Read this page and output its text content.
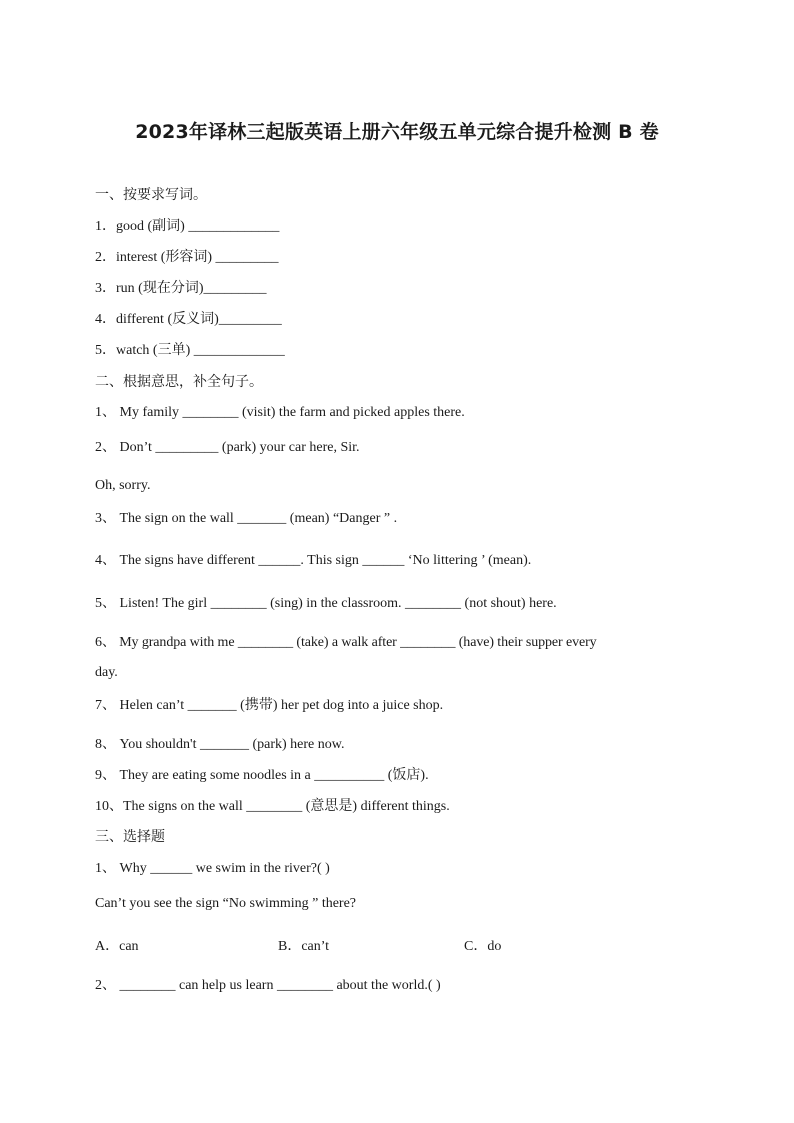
2023年译林三起版英语上册六年级五单元综合提升检测 B 卷
一、按要求写词。
1．good (副词) _____________
2．interest (形容词) _________
3．run (现在分词)_________
4．different (反义词)_________
5．watch (三单) _____________
二、根据意思，补全句子。
1、 My family ________ (visit) the farm and picked apples there.
2、 Don’t _________ (park) your car here, Sir.
Oh, sorry.
3、 The sign on the wall _______ (mean) “Danger ” .
4、 The signs have different ______. This sign ______ ‘No littering ’ (mean).
5、 Listen! The girl ________ (sing) in the classroom. ________ (not shout) here.
6、 My grandpa with me ________ (take) a walk after ________ (have) their supper every
day.
7、 Helen can’t _______ (携带) her pet dog into a juice shop.
8、 You shouldn't _______ (park) here now.
9、 They are eating some noodles in a __________ (饭店).
10、The signs on the wall ________ (意思是) different things.
三、选择题
1、 Why ______ we swim in the river?( )
Can’t you see the sign “No swimming ” there?
A．can	B．can’t	C．do
2、 ________ can help us learn ________ about the world.( )
